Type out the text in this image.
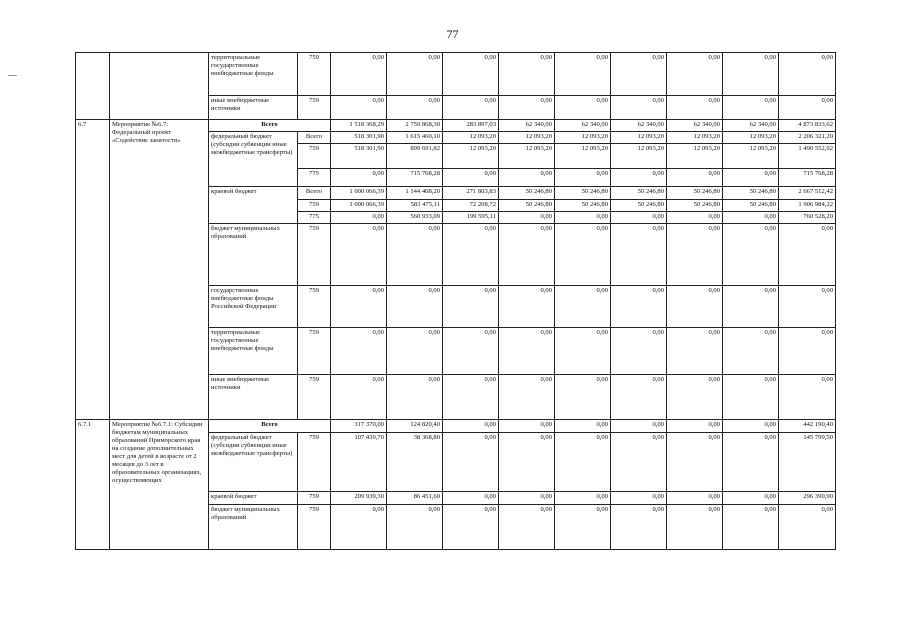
77
		территориальные государственные внебюджетные фонды	759	0,00	0,00	0,00	0,00	0,00	0,00	0,00	0,00	0,00
		иные внебюджетные источники	759	0,00	0,00	0,00	0,00	0,00	0,00	0,00	0,00	0,00
6.7	Мероприятие №6.7: Федеральный проект «Содействие занятости»	Всего		1 518 368,29	2 759 868,30	283 897,03	62 340,00	62 340,00	62 340,00	62 340,00	62 340,00	4 873 833,62
		федеральный бюджет (субсидии субвенции иные межбюджетные трансферты)	Всего	518 301,90	1 615 460,10	12 093,20	12 093,20	12 093,20	12 093,20	12 093,20	12 093,20	2 206 321,20
			759	518 301,90	899 691,82	12 093,20	12 093,20	12 093,20	12 093,20	12 093,20	12 093,20	1 490 552,92
			775	0,00	715 768,28	0,00	0,00	0,00	0,00	0,00	0,00	715 768,28
		краевой бюджет	Всего	1 000 066,39	1 144 408,20	271 803,83	50 246,80	50 246,80	50 246,80	50 246,80	50 246,80	2 667 512,42
			759	1 000 066,39	583 475,11	72 208,72	50 246,80	50 246,80	50 246,80	50 246,80	50 246,80	1 906 984,22
			775	0,00	560 933,09	199 595,11	0,00	0,00	0,00	0,00	0,00	760 528,20
		бюджет муниципальных образований	759	0,00	0,00	0,00	0,00	0,00	0,00	0,00	0,00	0,00
		государственные внебюджетные фонды Российской Федерации	759	0,00	0,00	0,00	0,00	0,00	0,00	0,00	0,00	0,00
		территориальные государственные внебюджетные фонды	759	0,00	0,00	0,00	0,00	0,00	0,00	0,00	0,00	0,00
		иные внебюджетные источники	759	0,00	0,00	0,00	0,00	0,00	0,00	0,00	0,00	0,00
6.7.1	Мероприятие №6.7.1: Субсидии бюджетам муниципальных образований Приморского края на создание дополнительных мест для детей в возрасте от 2 месяцев до 3 лет в образовательных организациях, осуществляющих	Всего		317 370,00	124 820,40	0,00	0,00	0,00	0,00	0,00	0,00	442 190,40
		федеральный бюджет (субсидии субвенции иные межбюджетные трансферты)	759	107 430,70	38 368,80	0,00	0,00	0,00	0,00	0,00	0,00	145 799,50
		краевой бюджет	759	209 939,30	86 451,60	0,00	0,00	0,00	0,00	0,00	0,00	296 390,90
		бюджет муниципальных образований	759	0,00	0,00	0,00	0,00	0,00	0,00	0,00	0,00	0,00
